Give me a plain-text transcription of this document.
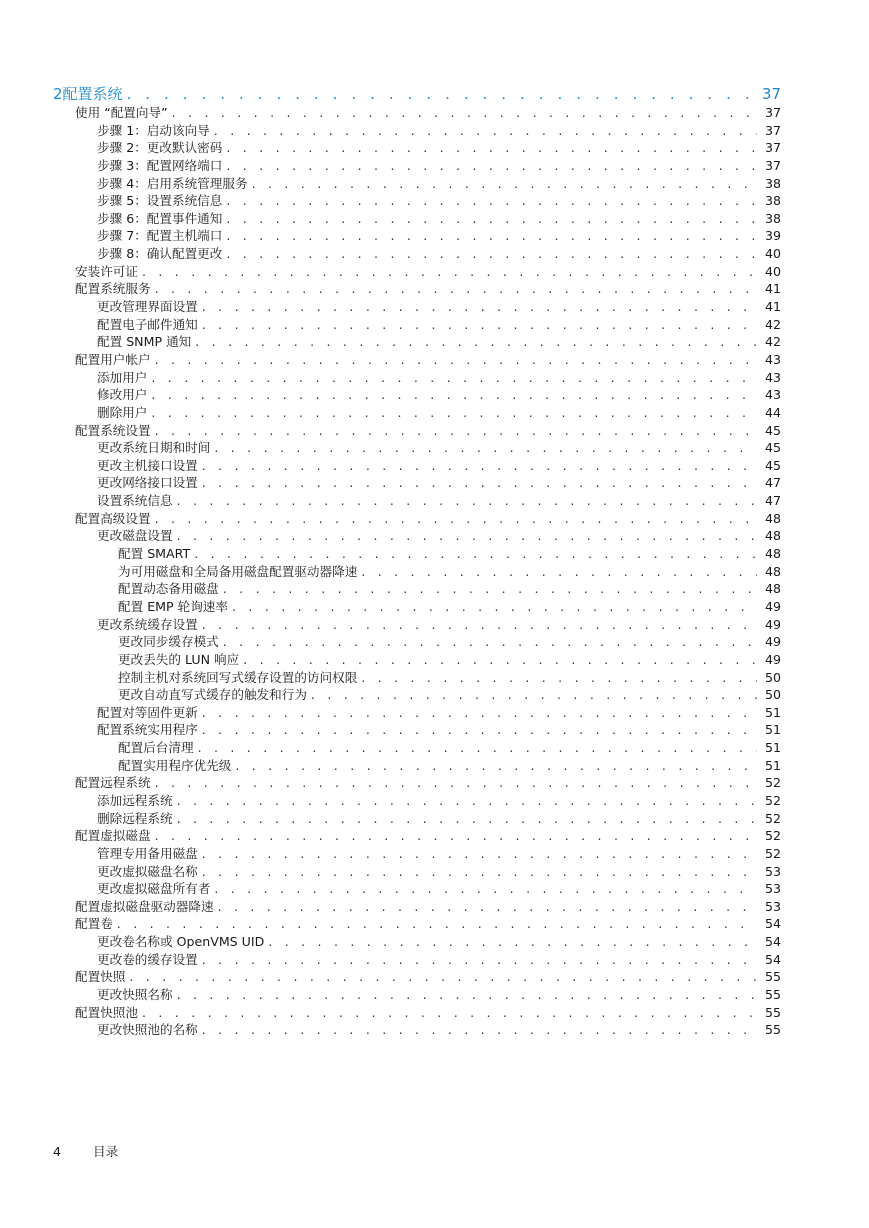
2 配置系统 . . .	37
使用 “配置向导” . . .	37
步骤 1：启动该向导 . . .	37
步骤 2：更改默认密码 . . .	37
步骤 3：配置网络端口 . . .	37
步骤 4：启用系统管理服务 . . .	38
步骤 5：设置系统信息 . . .	38
步骤 6：配置事件通知 . . .	38
步骤 7：配置主机端口 . . .	39
步骤 8：确认配置更改 . . .	40
安装许可证 . . .	40
配置系统服务 . . .	41
更改管理界面设置 . . .	41
配置电子邮件通知 . . .	42
配置 SNMP 通知 . . .	42
配置用户帐户 . . .	43
添加用户 . . .	43
修改用户 . . .	43
删除用户 . . .	44
配置系统设置 . . .	45
更改系统日期和时间 . . .	45
更改主机接口设置 . . .	45
更改网络接口设置 . . .	47
设置系统信息 . . .	47
配置高级设置 . . .	48
更改磁盘设置 . . .	48
配置 SMART . . .	48
为可用磁盘和全局备用磁盘配置驱动器降速 . . .	48
配置动态备用磁盘 . . .	48
配置 EMP 轮询速率 . . .	49
更改系统缓存设置 . . .	49
更改同步缓存模式 . . .	49
更改丢失的 LUN 响应 . . .	49
控制主机对系统回写式缓存设置的访问权限 . . .	50
更改自动直写式缓存的触发和行为 . . .	50
配置对等固件更新 . . .	51
配置系统实用程序 . . .	51
配置后台清理 . . .	51
配置实用程序优先级 . . .	51
配置远程系统 . . .	52
添加远程系统 . . .	52
删除远程系统 . . .	52
配置虚拟磁盘 . . .	52
管理专用备用磁盘 . . .	52
更改虚拟磁盘名称 . . .	53
更改虚拟磁盘所有者 . . .	53
配置虚拟磁盘驱动器降速 . . .	53
配置卷 . . .	54
更改卷名称或 OpenVMS UID . . .	54
更改卷的缓存设置 . . .	54
配置快照 . . .	55
更改快照名称 . . .	55
配置快照池 . . .	55
更改快照池的名称 . . .	55
4	目录
